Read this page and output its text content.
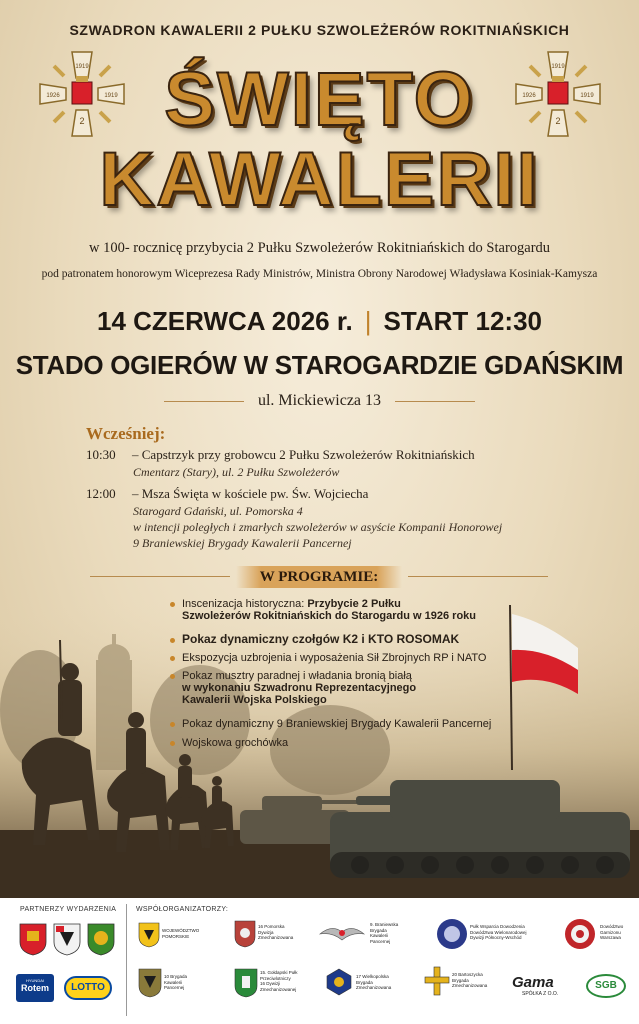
SZWADRON KAWALERII 2 PUŁKU SZWOLEŻERÓW ROKITNIAŃSKICH
1919
1926	1919
2
1919
1926	1919
2
ŚWIĘTO
KAWALERII
w 100- rocznicę przybycia 2 Pułku Szwoleżerów Rokitniańskich do Starogardu
pod patronatem honorowym Wiceprezesa Rady Ministrów, Ministra Obrony Narodowej Władysława Kosiniak-Kamysza
14 CZERWCA 2026 r. | START 12:30
STADO OGIERÓW W STAROGARDZIE GDAŃSKIM
ul. Mickiewicza 13
Wcześniej:
10:30 – Capstrzyk przy grobowcu 2 Pułku Szwoleżerów Rokitniańskich
Cmentarz (Stary), ul. 2 Pułku Szwoleżerów
12:00 – Msza Święta w kościele pw. Św. Wojciecha
Starogard Gdański, ul. Pomorska 4
w intencji poległych i zmarłych szwoleżerów w asyście Kompanii Honorowej
9 Braniewskiej Brygady Kawalerii Pancernej
W PROGRAMIE:
Inscenizacja historyczna: Przybycie 2 Pułku
Szwoleżerów Rokitniańskich do Starogardu w 1926 roku
Pokaz dynamiczny czołgów K2 i KTO ROSOMAK
Ekspozycja uzbrojenia i wyposażenia Sił Zbrojnych RP i NATO
Pokaz musztry paradnej i władania bronią białą
w wykonaniu Szwadronu Reprezentacyjnego
Kawalerii Wojska Polskiego
Pokaz dynamiczny 9 Braniewskiej Brygady Kawalerii Pancernej
Wojskowa grochówka
PARTNERZY WYDARZENIA	WSPÓŁORGANIZATORZY:
HYUNDAI
Rotem	LOTTO
WOJEWÓDZTWO
POMORSKIE
16 Pomorska
Dywizja
Zmechanizowana
9. Braniewska
Brygada
Kawalerii
Pancernej
Pułk Wsparcia Dowodzenia
Dowództwa Wielonarodowej
Dywizji Północny-Wschód
Dowództwo
Garnizonu
Warszawa
10 Brygada
Kawalerii
Pancernej
15. Gołdapski Pułk
Przeciwlotniczy
16 Dywizji
Zmechanizowanej
17 Wielkopolska
Brygada
Zmechanizowana
20 Bartoszycka
Brygada
Zmechanizowana Gama
SPÓŁKA Z O.O.
SGB
